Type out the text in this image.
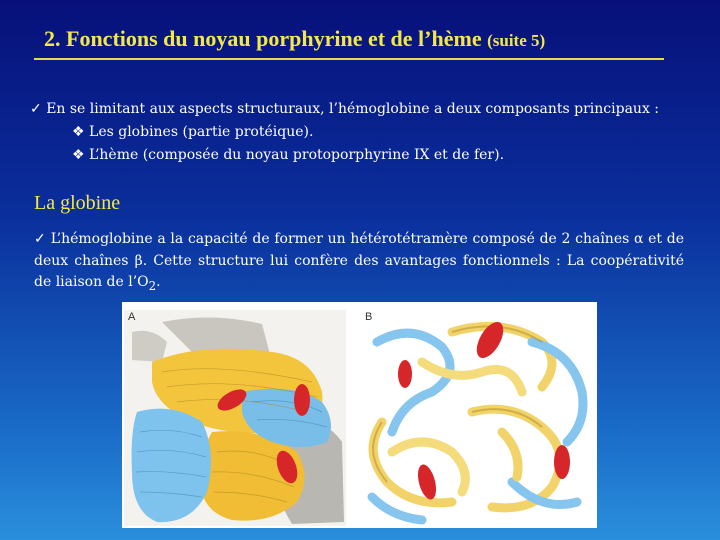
2. Fonctions du noyau porphyrine et de l’hème (suite 5)
✓ En se limitant aux aspects structuraux, l’hémoglobine a deux composants principaux :
❖ Les globines (partie protéique).
❖ L’hème (composée du noyau protoporphyrine IX et de fer).
La globine
✓ L’hémoglobine a la capacité de former un hétérotétramère composé de 2 chaînes α et de deux chaînes β. Cette structure lui confère des avantages fonctionnels : La coopérativité de liaison de $l’O_2$.
A	B
